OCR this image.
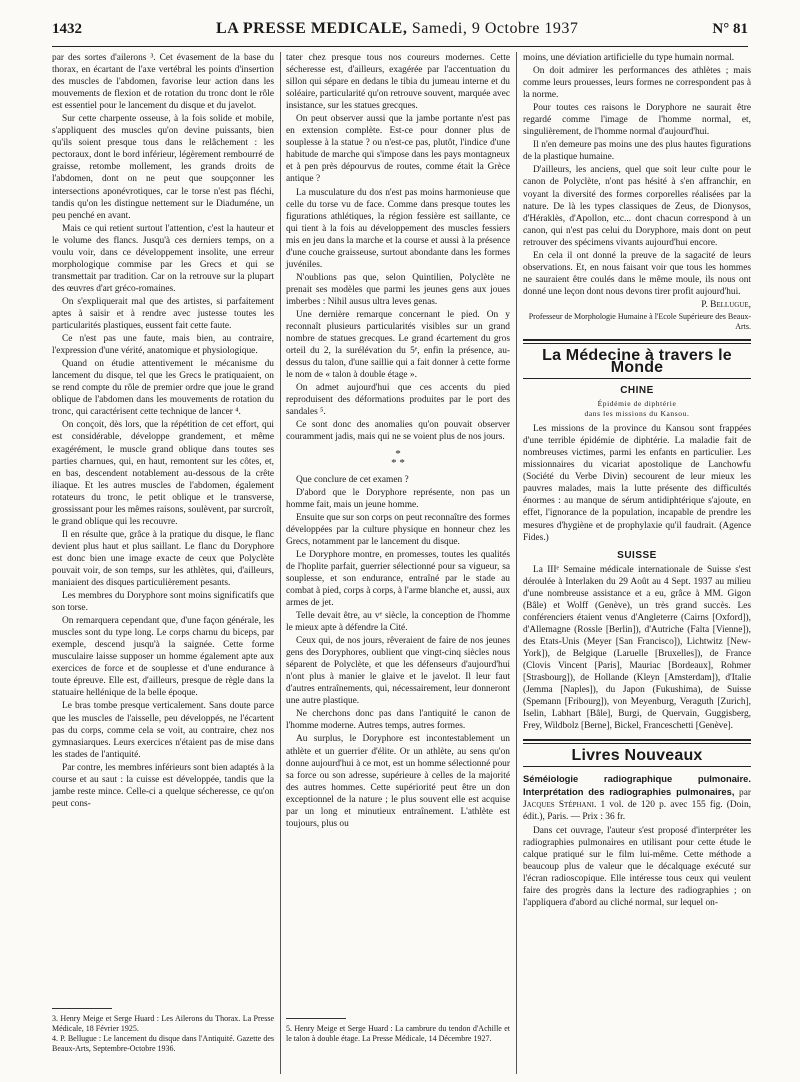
1432	LA PRESSE MEDICALE, Samedi, 9 Octobre 1937	N° 81

par des sortes d'ailerons ³. Cet évasement de la base du thorax, en écartant de l'axe vertébral les points d'insertion des muscles de l'abdomen, favorise leur action dans les mouvements de flexion et de rotation du tronc dont le rôle est essentiel pour le lancement du disque et du javelot.

Sur cette charpente osseuse, à la fois solide et mobile, s'appliquent des muscles qu'on devine puissants, bien qu'ils soient presque tous dans le relâchement : les pectoraux, dont le bord inférieur, légèrement rembourré de graisse, retombe mollement, les grands droits de l'abdomen, dont on ne peut que soupçonner les intersections aponévrotiques, car le torse n'est pas fléchi, tandis qu'on les distingue nettement sur le Diaduméne, un peu penché en avant.

Mais ce qui retient surtout l'attention, c'est la hauteur et le volume des flancs. Jusqu'à ces derniers temps, on a voulu voir, dans ce développement insolite, une erreur morphologique commise par les Grecs et qui se transmettait par tradition. Car on la retrouve sur la plupart des œuvres d'art gréco-romaines.

On s'expliquerait mal que des artistes, si parfaitement aptes à saisir et à rendre avec justesse toutes les particularités plastiques, eussent fait cette faute.

Ce n'est pas une faute, mais bien, au contraire, l'expression d'une vérité, anatomique et physiologique.

Quand on étudie attentivement le mécanisme du lancement du disque, tel que les Grecs le pratiquaient, on se rend compte du rôle de premier ordre que joue le grand oblique de l'abdomen dans les mouvements de rotation du tronc, qui caractérisent cette technique de lancer ⁴.

On conçoit, dès lors, que la répétition de cet effort, qui est considérable, développe grandement, et même exagérément, le muscle grand oblique dans toutes ses parties charnues, qui, en haut, remontent sur les côtes, et, en bas, descendent notablement au-dessous de la crête iliaque. Et les autres muscles de l'abdomen, également rotateurs du tronc, le petit oblique et le transverse, grossissant pour les mêmes raisons, soulèvent, par surcroît, le grand oblique qui les recouvre.

Il en résulte que, grâce à la pratique du disque, le flanc devient plus haut et plus saillant. Le flanc du Doryphore est donc bien une image exacte de ceux que Polyclète pouvait voir, de son temps, sur les athlètes, qui, d'ailleurs, maniaient des disques particulièrement pesants.

Les membres du Doryphore sont moins significatifs que son torse.

On remarquera cependant que, d'une façon générale, les muscles sont du type long. Le corps charnu du biceps, par exemple, descend jusqu'à la saignée. Cette forme musculaire laisse supposer un homme également apte aux exercices de force et de souplesse et d'une endurance à toute épreuve. Elle est, d'ailleurs, presque de règle dans la statuaire hellénique de la belle époque.

Le bras tombe presque verticalement. Sans doute parce que les muscles de l'aisselle, peu développés, ne l'écartent pas du corps, comme cela se voit, au contraire, chez nos gymnasiarques. Leurs exercices n'étaient pas de mise dans les stades de l'antiquité.

Par contre, les membres inférieurs sont bien adaptés à la course et au saut : la cuisse est développée, tandis que la jambe reste mince. Celle-ci a quelque sécheresse, ce qu'on peut cons-

3. Henry Meige et Serge Huard : Les Ailerons du Thorax. La Presse Médicale, 18 Février 1925.
4. P. Bellugue : Le lancement du disque dans l'Antiquité. Gazette des Beaux-Arts, Septembre-Octobre 1936.

tater chez presque tous nos coureurs modernes. Cette sécheresse est, d'ailleurs, exagérée par l'accentuation du sillon qui sépare en dedans le tibia du jumeau interne et du soléaire, particularité qu'on retrouve souvent, marquée avec insistance, sur les statues grecques.

On peut observer aussi que la jambe portante n'est pas en extension complète. Est-ce pour donner plus de souplesse à la statue ? ou n'est-ce pas, plutôt, l'indice d'une habitude de marche qui s'impose dans les pays montagneux et à pen près dépourvus de routes, comme était la Grèce antique ?

La musculature du dos n'est pas moins harmonieuse que celle du torse vu de face. Comme dans presque toutes les figurations athlétiques, la région fessière est saillante, ce qui tient à la fois au développement des muscles fessiers mis en jeu dans la marche et la course et aussi à la présence d'une couche graisseuse, surtout abondante dans les formes juvéniles.

N'oublions pas que, selon Quintilien, Polyclète ne prenait ses modèles que parmi les jeunes gens aux joues imberbes : Nihil ausus ultra leves genas.

Une dernière remarque concernant le pied. On y reconnaît plusieurs particularités visibles sur un grand nombre de statues grecques. Le grand écartement du gros orteil du 2, la surélévation du 5ᵉ, enfin la présence, au-dessus du talon, d'une saillie qui a fait donner à cette forme le nom de « talon à double étage ».

On admet aujourd'hui que ces accents du pied reproduisent des déformations produites par le port des sandales ⁵.

Ce sont donc des anomalies qu'on pouvait observer couramment jadis, mais qui ne se voient plus de nos jours.

*
* *

Que conclure de cet examen ?

D'abord que le Doryphore représente, non pas un homme fait, mais un jeune homme.

Ensuite que sur son corps on peut reconnaître des formes développées par la culture physique en honneur chez les Grecs, notamment par le lancement du disque.

Le Doryphore montre, en promesses, toutes les qualités de l'hoplite parfait, guerrier sélectionné pour sa vigueur, sa souplesse, et son endurance, entraîné par le stade au combat à pied, corps à corps, à l'arme blanche et, aussi, aux armes de jet.

Telle devait être, au vᵉ siècle, la conception de l'homme le mieux apte à défendre la Cité.

Ceux qui, de nos jours, rêveraient de faire de nos jeunes gens des Doryphores, oublient que vingt-cinq siècles nous séparent de Polyclète, et que les défenseurs d'aujourd'hui n'ont plus à manier le glaive et le javelot. Il leur faut d'autres entraînements, qui, nécessairement, leur donneront une autre plastique.

Ne cherchons donc pas dans l'antiquité le canon de l'homme moderne. Autres temps, autres formes.

Au surplus, le Doryphore est incontestablement un athlète et un guerrier d'élite. Or un athlète, au sens qu'on donne aujourd'hui à ce mot, est un homme sélectionné pour sa force ou son adresse, supérieure à celles de la majorité des autres hommes. Cette supériorité peut être un don exceptionnel de la nature ; le plus souvent elle est acquise par un long et minutieux entraînement. L'athlète est toujours, plus ou

5. Henry Meige et Serge Huard : La cambrure du tendon d'Achille et le talon à double étage. La Presse Médicale, 14 Décembre 1927.

moins, une déviation artificielle du type humain normal.

On doit admirer les performances des athlètes ; mais comme leurs prouesses, leurs formes ne correspondent pas à la norme.

Pour toutes ces raisons le Doryphore ne saurait être regardé comme l'image de l'homme normal, et, singulièrement, de l'homme normal d'aujourd'hui.

Il n'en demeure pas moins une des plus hautes figurations de la plastique humaine.

D'ailleurs, les anciens, quel que soit leur culte pour le canon de Polyclète, n'ont pas hésité à s'en affranchir, en voyant la diversité des formes corporelles réalisées par la nature. De là les types classiques de Zeus, de Dionysos, d'Héraklès, d'Apollon, etc... dont chacun correspond à un canon, qui n'est pas celui du Doryphore, mais dont on peut retrouver des spécimens vivants aujourd'hui encore.

En cela il ont donné la preuve de la sagacité de leurs observations. Et, en nous faisant voir que tous les hommes ne sauraient être coulés dans le même moule, ils nous ont donné une leçon dont nous devons tirer profit aujourd'hui.

P. Bellugue,

Professeur de Morphologie Humaine à l'Ecole Supérieure des Beaux-Arts.
La Médecine à travers le Monde
CHINE
Épidémie de diphtérie
dans les missions du Kansou.

Les missions de la province du Kansou sont frappées d'une terrible épidémie de diphtérie. La maladie fait de nombreuses victimes, parmi les enfants en particulier. Les missionnaires du vicariat apostolique de Lanchowfu (Société du Verbe Divin) secourent de leur mieux les pauvres malades, mais la lutte présente des difficultés énormes : au manque de sérum antidiphtérique s'ajoute, en effet, l'ignorance de la population, incapable de prendre les mesures d'hygiène et de prophylaxie qu'il faudrait. (Agence Fides.)

SUISSE

La IIIᵉ Semaine médicale internationale de Suisse s'est déroulée à Interlaken du 29 Août au 4 Sept. 1937 au milieu d'une nombreuse assistance et a eu, grâce à MM. Gigon (Bâle) et Wolff (Genève), un très grand succès. Les conférenciers étaient venus d'Angleterre (Cairns [Oxford]), d'Allemagne (Rossle [Berlin]), d'Autriche (Falta [Vienne]), des Etats-Unis (Meyer [San Francisco]), Lichtwitz [New-York]), de Belgique (Laruelle [Bruxelles]), de France (Clovis Vincent [Paris], Mauriac [Bordeaux], Rohmer [Strasbourg]), de Hollande (Kleyn [Amsterdam]), d'Italie (Jemma [Naples]), du Japon (Fukushima), de Suisse (Spemann [Fribourg]), von Meyenburg, Veraguth [Zurich], Iselin, Labhart [Bâle], Burgi, de Quervain, Guggisberg, Frey, Wildbolz [Berne], Bickel, Franceschetti [Genève].

Livres Nouveaux

Séméiologie radiographique pulmonaire. Interprétation des radiographies pulmonaires, par Jacques Stéphani. 1 vol. de 120 p. avec 155 fig. (Doin, édit.), Paris. — Prix : 36 fr.

Dans cet ouvrage, l'auteur s'est proposé d'interpréter les radiographies pulmonaires en utilisant pour cette étude le calque pratiqué sur le film lui-même. Cette méthode a beaucoup plus de valeur que le décalquage exécuté sur l'écran radioscopique. Elle intéresse tous ceux qui veulent faire des progrès dans la lecture des radiographies ; on l'appliquera d'abord au cliché normal, sur lequel on-
